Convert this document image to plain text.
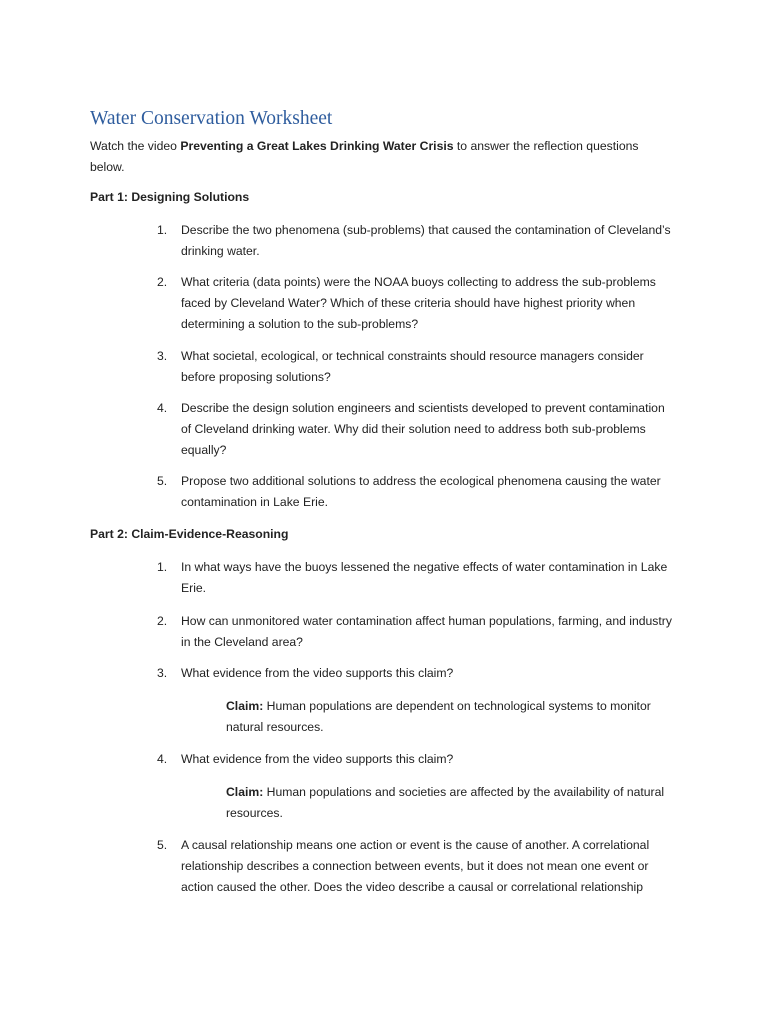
Water Conservation Worksheet
Watch the video Preventing a Great Lakes Drinking Water Crisis to answer the reflection questions below.
Part 1: Designing Solutions
1.	Describe the two phenomena (sub-problems) that caused the contamination of Cleveland’s drinking water.
2.	What criteria (data points) were the NOAA buoys collecting to address the sub-problems faced by Cleveland Water? Which of these criteria should have highest priority when determining a solution to the sub-problems?
3.	What societal, ecological, or technical constraints should resource managers consider before proposing solutions?
4.	Describe the design solution engineers and scientists developed to prevent contamination of Cleveland drinking water. Why did their solution need to address both sub-problems equally?
5.	Propose two additional solutions to address the ecological phenomena causing the water contamination in Lake Erie.
Part 2: Claim-Evidence-Reasoning
1.	In what ways have the buoys lessened the negative effects of water contamination in Lake Erie.
2.	How can unmonitored water contamination affect human populations, farming, and industry in the Cleveland area?
3.	What evidence from the video supports this claim?
Claim: Human populations are dependent on technological systems to monitor natural resources.
4.	What evidence from the video supports this claim?
Claim: Human populations and societies are affected by the availability of natural resources.
5.	A causal relationship means one action or event is the cause of another. A correlational relationship describes a connection between events, but it does not mean one event or action caused the other. Does the video describe a causal or correlational relationship
